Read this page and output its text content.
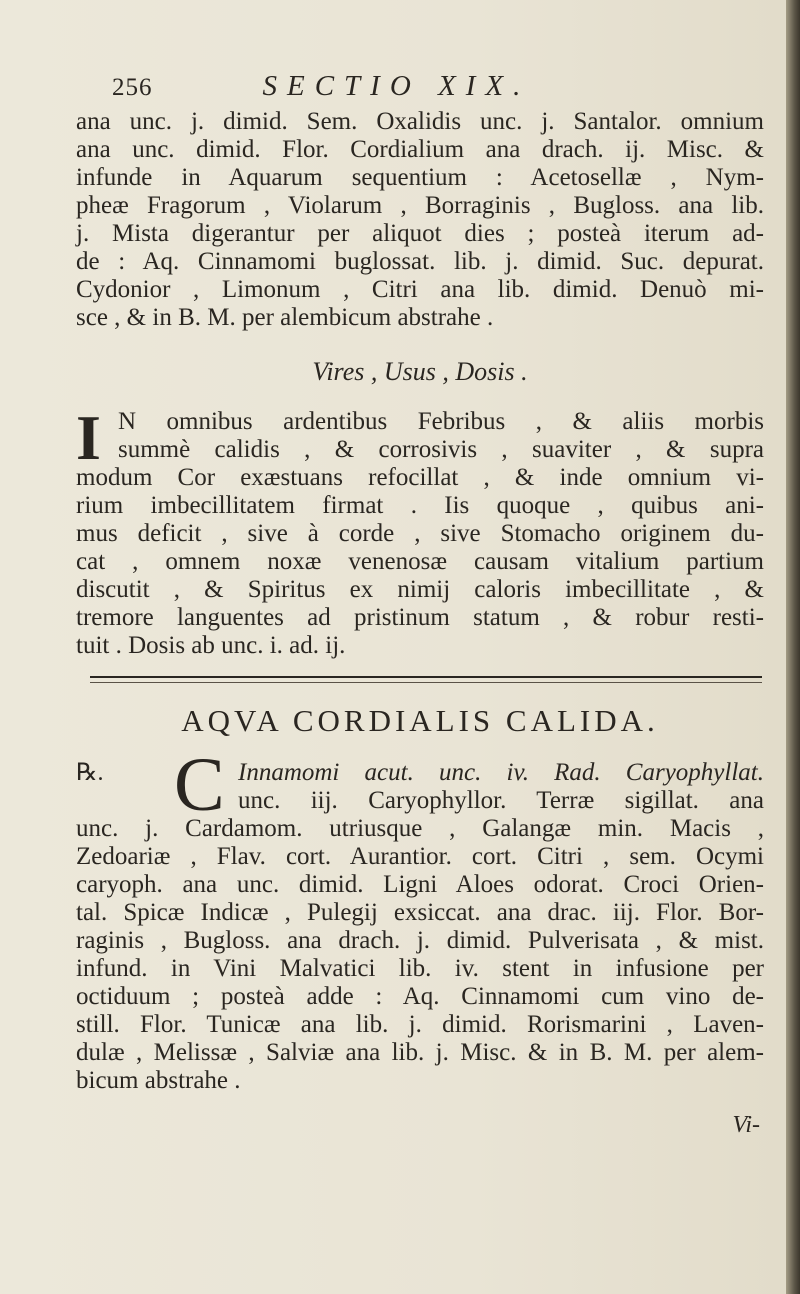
256	SECTIO XIX.
ana unc. j. dimid. Sem. Oxalidis unc. j. Santalor. omnium
ana unc. dimid. Flor. Cordialium ana drach. ij. Misc. &
infunde in Aquarum sequentium : Acetosellæ , Nym-
pheæ Fragorum , Violarum , Borraginis , Bugloss. ana lib.
j. Mista digerantur per aliquot dies ; posteà iterum ad-
de : Aq. Cinnamomi buglossat. lib. j. dimid. Suc. depurat.
Cydonior , Limonum , Citri ana lib. dimid. Denuò mi-
sce , & in B. M. per alembicum abstrahe .
Vires , Usus , Dosis .
I N omnibus ardentibus Febribus , & aliis morbis
summè calidis , & corrosivis , suaviter , & supra
modum Cor exæstuans refocillat , & inde omnium vi-
rium imbecillitatem firmat . Iis quoque , quibus ani-
mus deficit , sive à corde , sive Stomacho originem du-
cat , omnem noxæ venenosæ causam vitalium partium
discutit , & Spiritus ex nimij caloris imbecillitate , &
tremore languentes ad pristinum statum , & robur resti-
tuit . Dosis ab unc. i. ad. ij.
AQVA CORDIALIS CALIDA.
℞. C Innamomi acut. unc. iv. Rad. Caryophyllat.
unc. iij. Caryophyllor. Terræ sigillat. ana
unc. j. Cardamom. utriusque , Galangæ min. Macis ,
Zedoariæ , Flav. cort. Aurantior. cort. Citri , sem. Ocymi
caryoph. ana unc. dimid. Ligni Aloes odorat. Croci Orien-
tal. Spicæ Indicæ , Pulegij exsiccat. ana drac. iij. Flor. Bor-
raginis , Bugloss. ana drach. j. dimid. Pulverisata , & mist.
infund. in Vini Malvatici lib. iv. stent in infusione per
octiduum ; posteà adde : Aq. Cinnamomi cum vino de-
still. Flor. Tunicæ ana lib. j. dimid. Rorismarini , Laven-
dulæ , Melissæ , Salviæ ana lib. j. Misc. & in B. M. per alem-
bicum abstrahe .
Vi-
